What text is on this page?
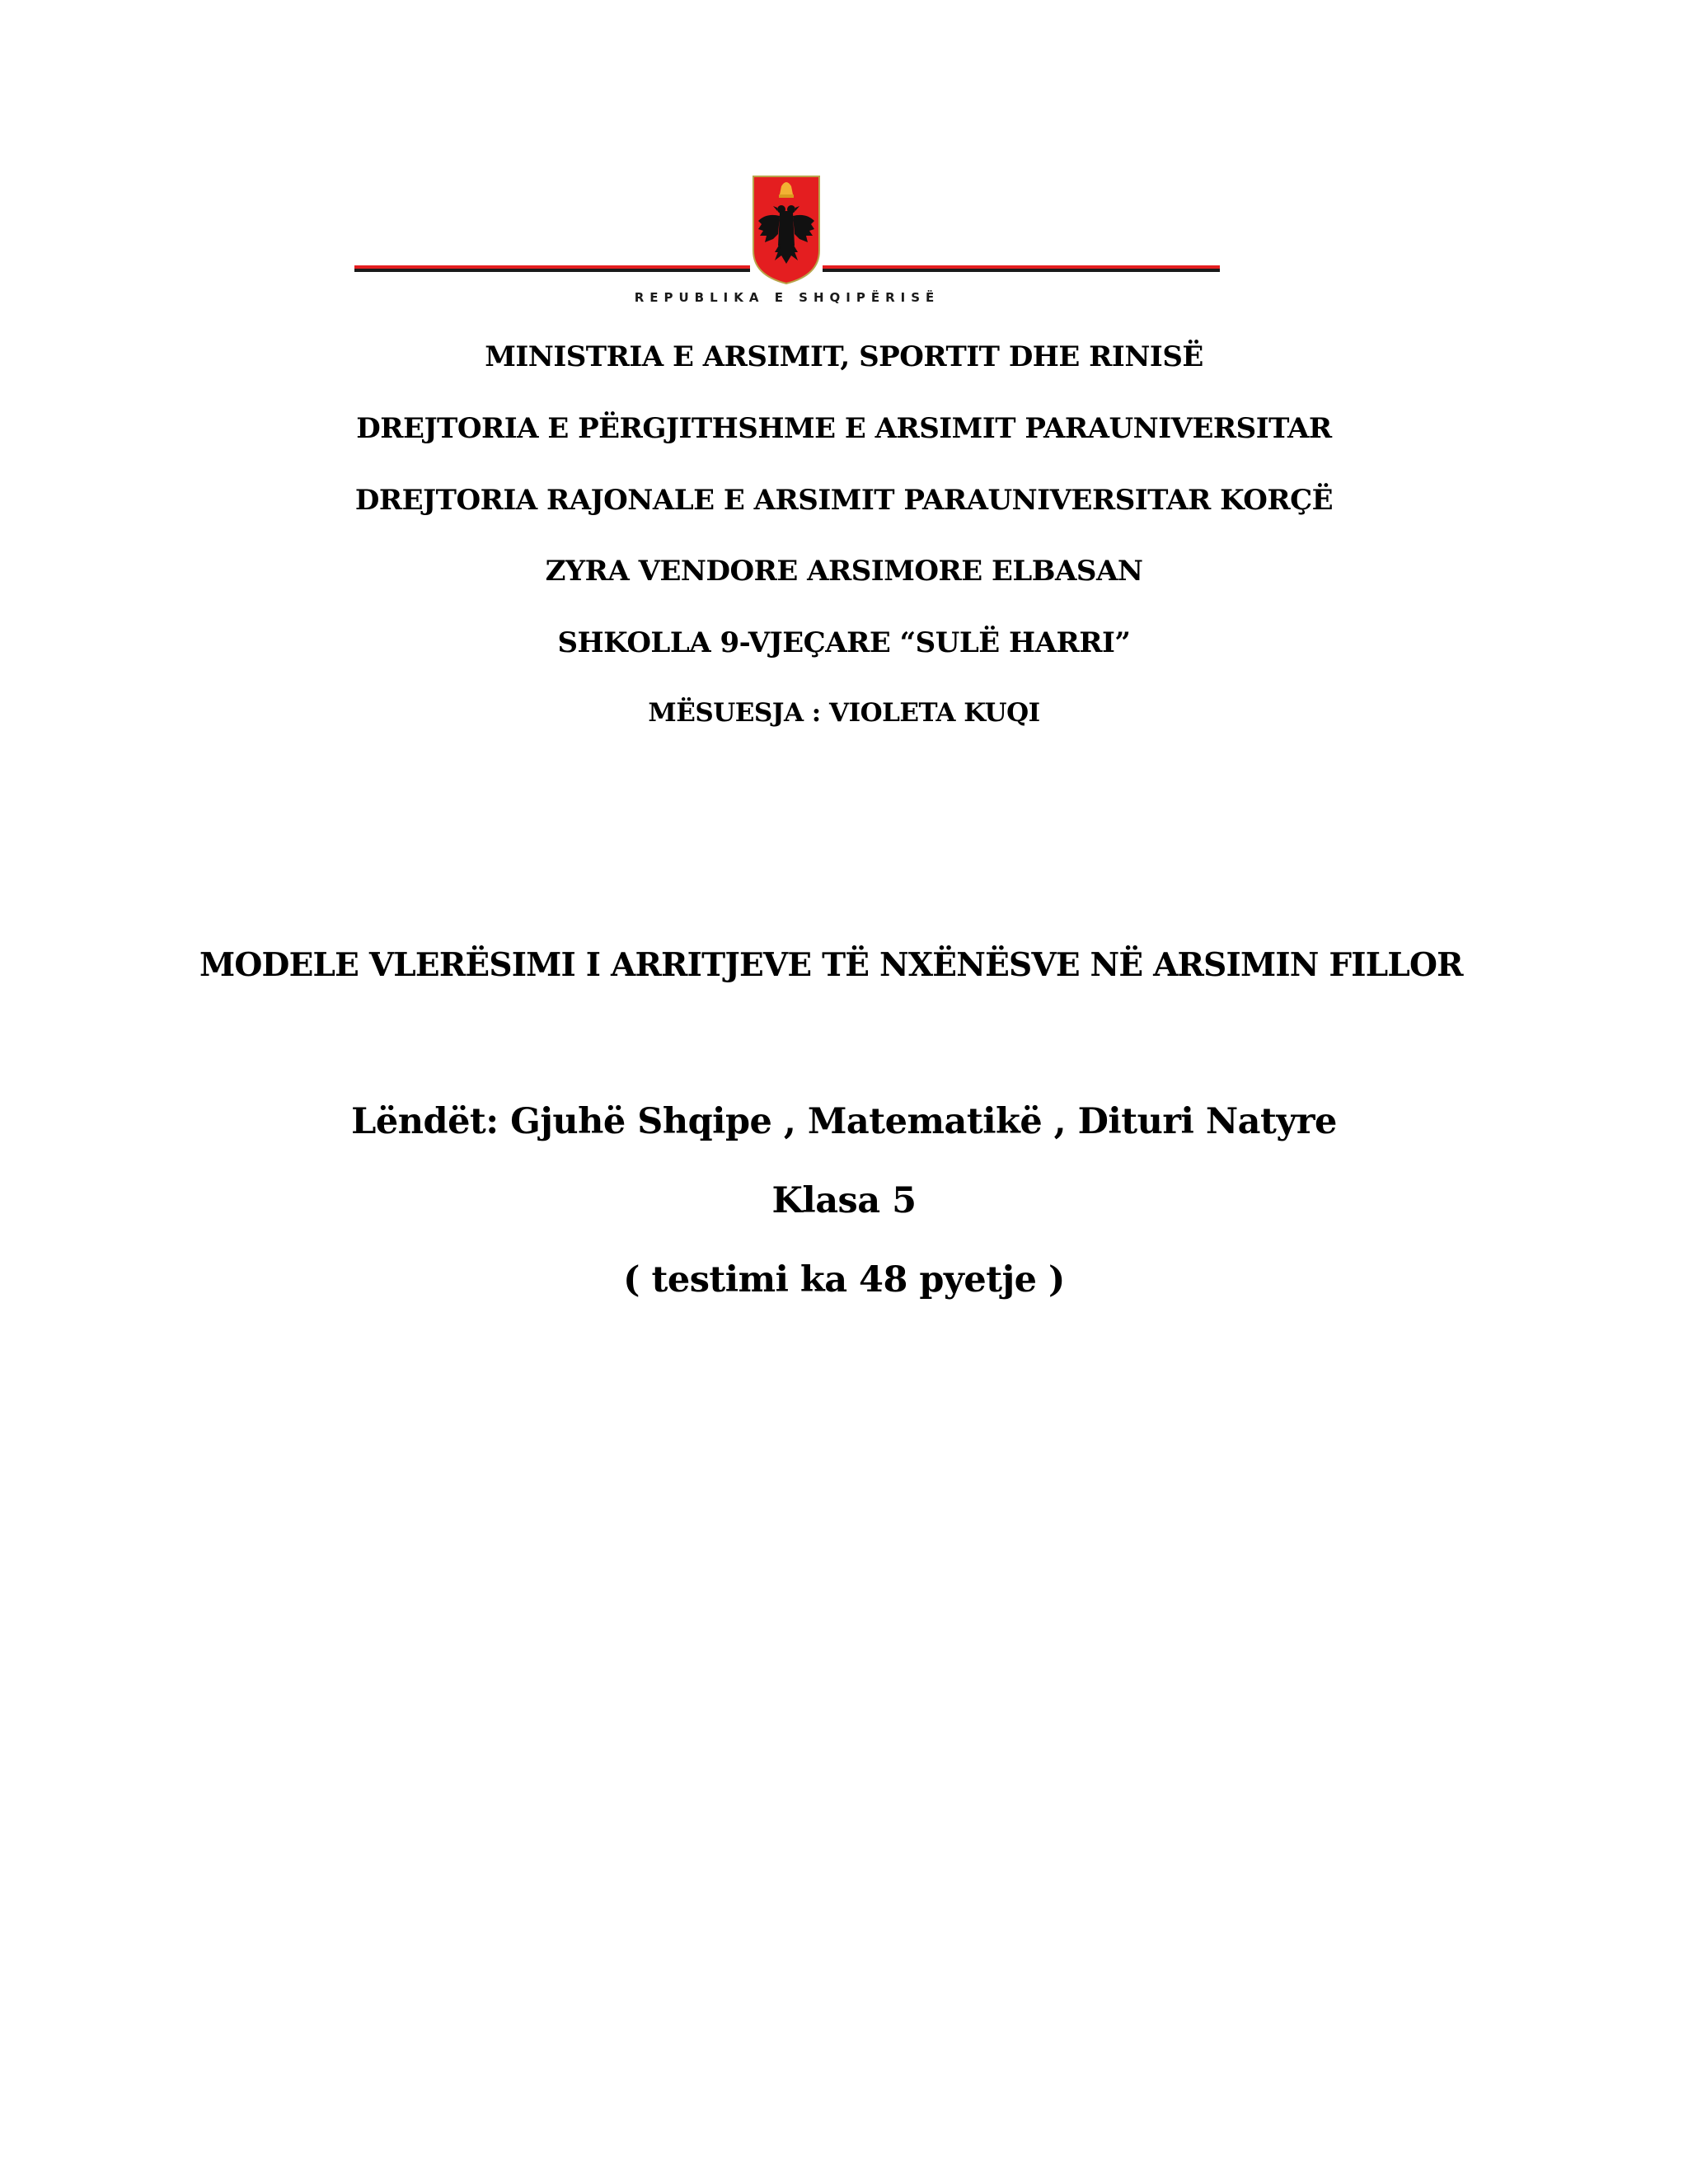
REPUBLIKA E SHQIPËRISË
MINISTRIA E ARSIMIT, SPORTIT DHE RINISË
DREJTORIA E PËRGJITHSHME E ARSIMIT PARAUNIVERSITAR
DREJTORIA RAJONALE E ARSIMIT PARAUNIVERSITAR KORÇË
ZYRA VENDORE ARSIMORE ELBASAN
SHKOLLA 9-VJEÇARE “SULË HARRI”
MËSUESJA : VIOLETA KUQI
MODELE VLERËSIMI I ARRITJEVE TË NXËNËSVE NË ARSIMIN FILLOR
Lëndët: Gjuhë Shqipe , Matematikë , Dituri Natyre
Klasa 5
( testimi ka 48 pyetje )
